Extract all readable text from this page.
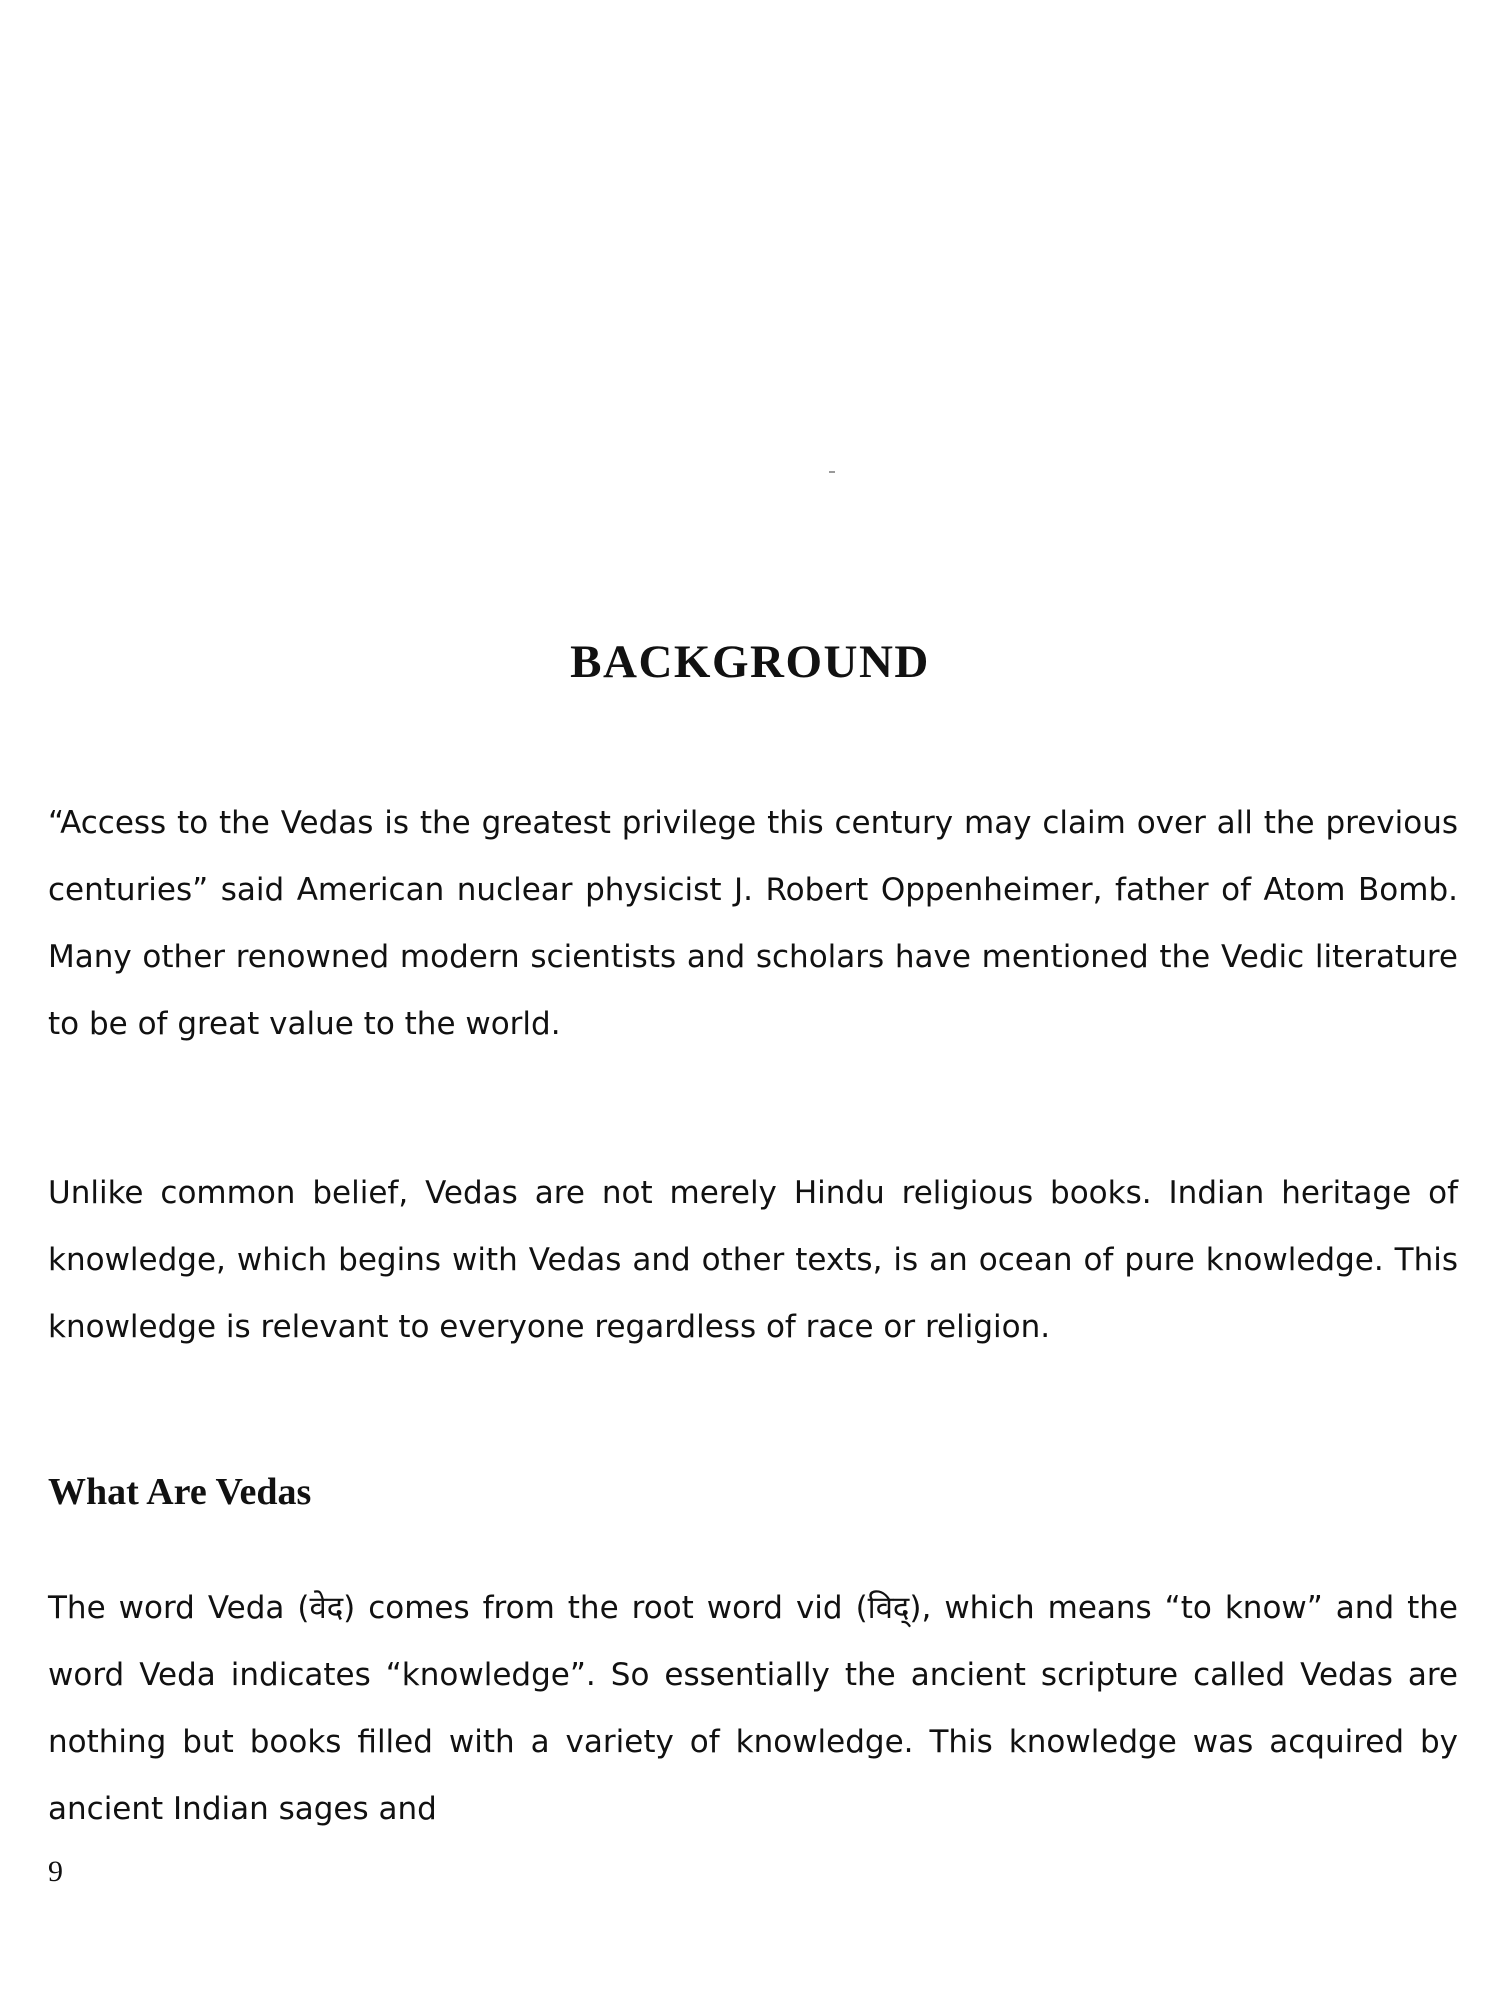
BACKGROUND

“Access to the Vedas is the greatest privilege this century may claim over all the previous centuries” said American nuclear physicist J. Robert Oppenheimer, father of Atom Bomb. Many other renowned modern scientists and scholars have mentioned the Vedic literature to be of great value to the world.

Unlike common belief, Vedas are not merely Hindu religious books. Indian heritage of knowledge, which begins with Vedas and other texts, is an ocean of pure knowledge. This knowledge is relevant to everyone regardless of race or religion.

What Are Vedas

The word Veda (वेद) comes from the root word vid (विद्), which means “to know” and the word Veda indicates “knowledge”. So essentially the ancient scripture called Vedas are nothing but books filled with a variety of knowledge. This knowledge was acquired by ancient Indian sages and

9
